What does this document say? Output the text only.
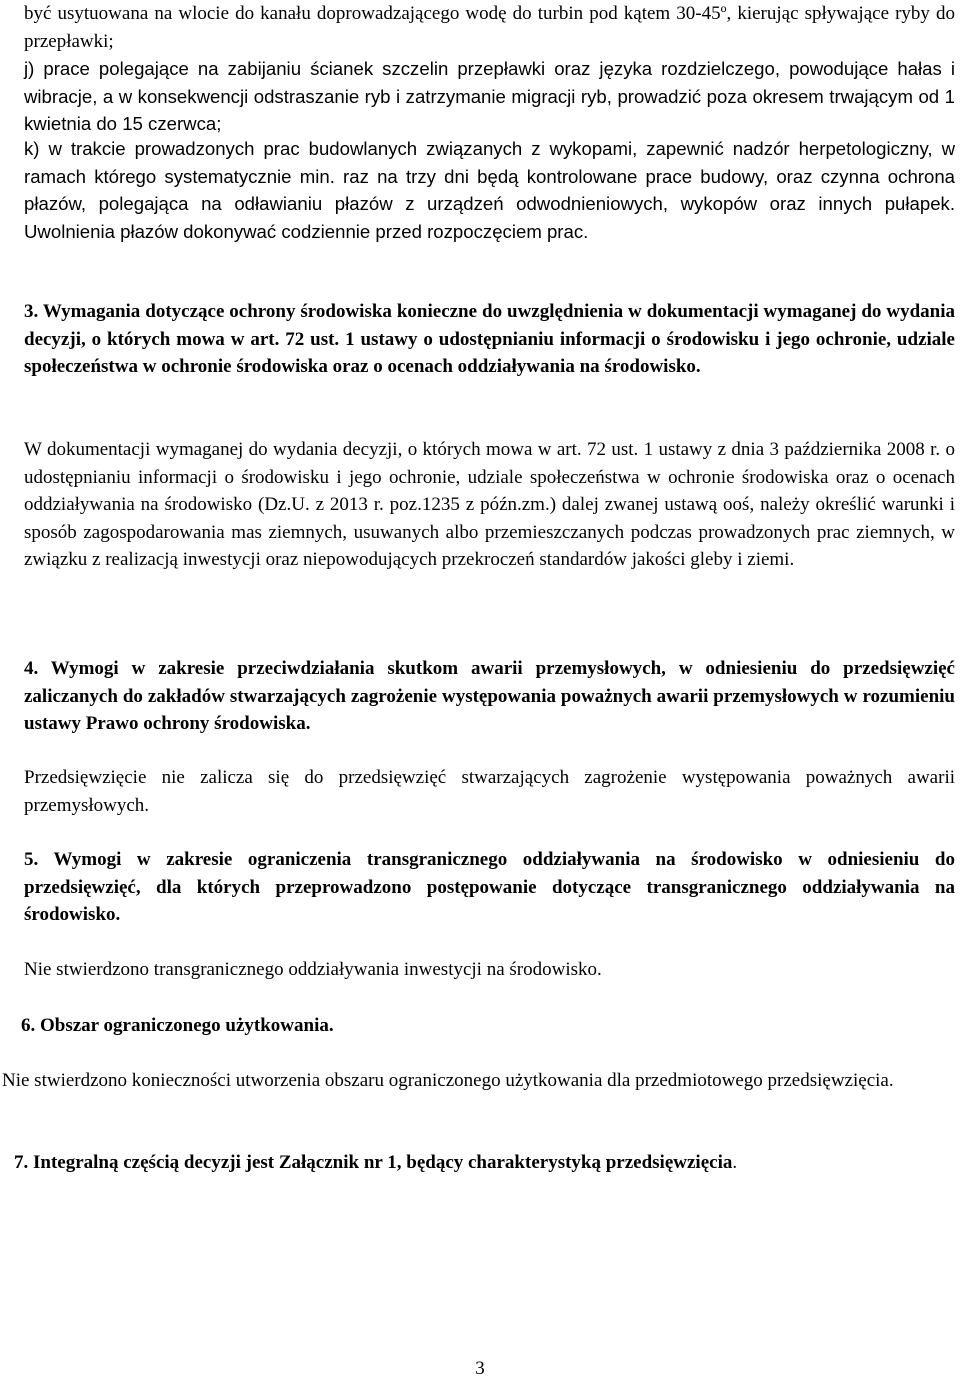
być usytuowana na wlocie do kanału doprowadzającego wodę do turbin pod kątem 30-45º, kierując spływające ryby do przepławki;

j) prace polegające na zabijaniu ścianek szczelin przepławki oraz języka rozdzielczego, powodujące hałas i wibracje, a w konsekwencji odstraszanie ryb i zatrzymanie migracji ryb, prowadzić poza okresem trwającym od 1 kwietnia do 15 czerwca;

k) w trakcie prowadzonych prac budowlanych związanych z wykopami, zapewnić nadzór herpetologiczny, w ramach którego systematycznie min. raz na trzy dni będą kontrolowane prace budowy, oraz czynna ochrona płazów, polegająca na odławianiu płazów z urządzeń odwodnieniowych, wykopów oraz innych pułapek. Uwolnienia płazów dokonywać codziennie przed rozpoczęciem prac.

3. Wymagania dotyczące ochrony środowiska konieczne do uwzględnienia w dokumentacji wymaganej do wydania decyzji, o których mowa w art. 72 ust. 1 ustawy o udostępnianiu informacji o środowisku i jego ochronie, udziale społeczeństwa w ochronie środowiska oraz o ocenach oddziaływania na środowisko.

W dokumentacji wymaganej do wydania decyzji, o których mowa w art. 72 ust. 1 ustawy z dnia 3 października 2008 r. o udostępnianiu informacji o środowisku i jego ochronie, udziale społeczeństwa w ochronie środowiska oraz o ocenach oddziaływania na środowisko (Dz.U. z 2013 r. poz.1235 z późn.zm.) dalej zwanej ustawą ooś, należy określić warunki i sposób zagospodarowania mas ziemnych, usuwanych albo przemieszczanych podczas prowadzonych prac ziemnych, w związku z realizacją inwestycji oraz niepowodujących przekroczeń standardów jakości gleby i ziemi.

4. Wymogi w zakresie przeciwdziałania skutkom awarii przemysłowych, w odniesieniu do przedsięwzięć zaliczanych do zakładów stwarzających zagrożenie występowania poważnych awarii przemysłowych w rozumieniu ustawy Prawo ochrony środowiska.

Przedsięwzięcie nie zalicza się do przedsięwzięć stwarzających zagrożenie występowania poważnych awarii przemysłowych.

5. Wymogi w zakresie ograniczenia transgranicznego oddziaływania na środowisko w odniesieniu do przedsięwzięć, dla których przeprowadzono postępowanie dotyczące transgranicznego oddziaływania na środowisko.

Nie stwierdzono transgranicznego oddziaływania inwestycji na środowisko.

6. Obszar ograniczonego użytkowania.

Nie stwierdzono konieczności utworzenia obszaru ograniczonego użytkowania dla przedmiotowego przedsięwzięcia.

7. Integralną częścią decyzji jest Załącznik nr 1, będący charakterystyką przedsięwzięcia.

3
